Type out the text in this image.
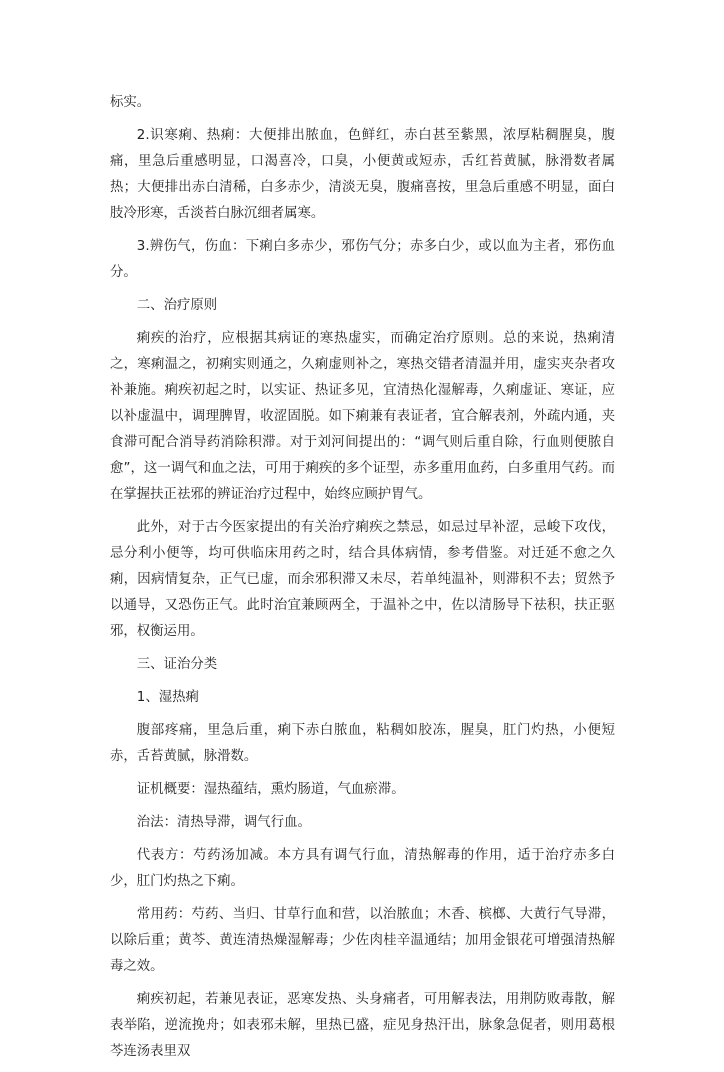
标实。

2.识寒痢、热痢：大便排出脓血，色鲜红，赤白甚至紫黑，浓厚粘稠腥臭，腹痛，里急后重感明显，口渴喜冷，口臭，小便黄或短赤，舌红苔黄腻，脉滑数者属热；大便排出赤白清稀，白多赤少，清淡无臭，腹痛喜按，里急后重感不明显，面白肢冷形寒，舌淡苔白脉沉细者属寒。

3.辨伤气，伤血：下痢白多赤少，邪伤气分；赤多白少，或以血为主者，邪伤血分。

二、治疗原则

痢疾的治疗，应根据其病证的寒热虚实，而确定治疗原则。总的来说，热痢清之，寒痢温之，初痢实则通之，久痢虚则补之，寒热交错者清温并用，虚实夹杂者攻补兼施。痢疾初起之时，以实证、热证多见，宜清热化湿解毒，久痢虚证、寒证，应以补虚温中，调理脾胃，收涩固脱。如下痢兼有表证者，宜合解表剂，外疏内通，夹食滞可配合消导药消除积滞。对于刘河间提出的：“调气则后重自除，行血则便脓自愈”，这一调气和血之法，可用于痢疾的多个证型，赤多重用血药，白多重用气药。而在掌握扶正祛邪的辨证治疗过程中，始终应顾护胃气。

此外，对于古今医家提出的有关治疗痢疾之禁忌，如忌过早补涩，忌峻下攻伐，忌分利小便等，均可供临床用药之时，结合具体病情，参考借鉴。对迁延不愈之久痢，因病情复杂，正气已虚，而余邪积滞又未尽，若单纯温补，则滞积不去；贸然予以通导，又恐伤正气。此时治宜兼顾两全，于温补之中，佐以清肠导下祛积，扶正驱邪，权衡运用。

三、证治分类

1、湿热痢

腹部疼痛，里急后重，痢下赤白脓血，粘稠如胶冻，腥臭，肛门灼热，小便短赤，舌苔黄腻，脉滑数。

证机概要：湿热蕴结，熏灼肠道，气血瘀滞。

治法：清热导滞，调气行血。

代表方：芍药汤加减。本方具有调气行血，清热解毒的作用，适于治疗赤多白少，肛门灼热之下痢。

常用药：芍药、当归、甘草行血和营，以治脓血；木香、槟榔、大黄行气导滞，以除后重；黄芩、黄连清热燥湿解毒；少佐肉桂辛温通结；加用金银花可增强清热解毒之效。

痢疾初起，若兼见表证，恶寒发热、头身痛者，可用解表法，用荆防败毒散，解表举陷，逆流挽舟；如表邪未解，里热已盛，症见身热汗出，脉象急促者，则用葛根芩连汤表里双
